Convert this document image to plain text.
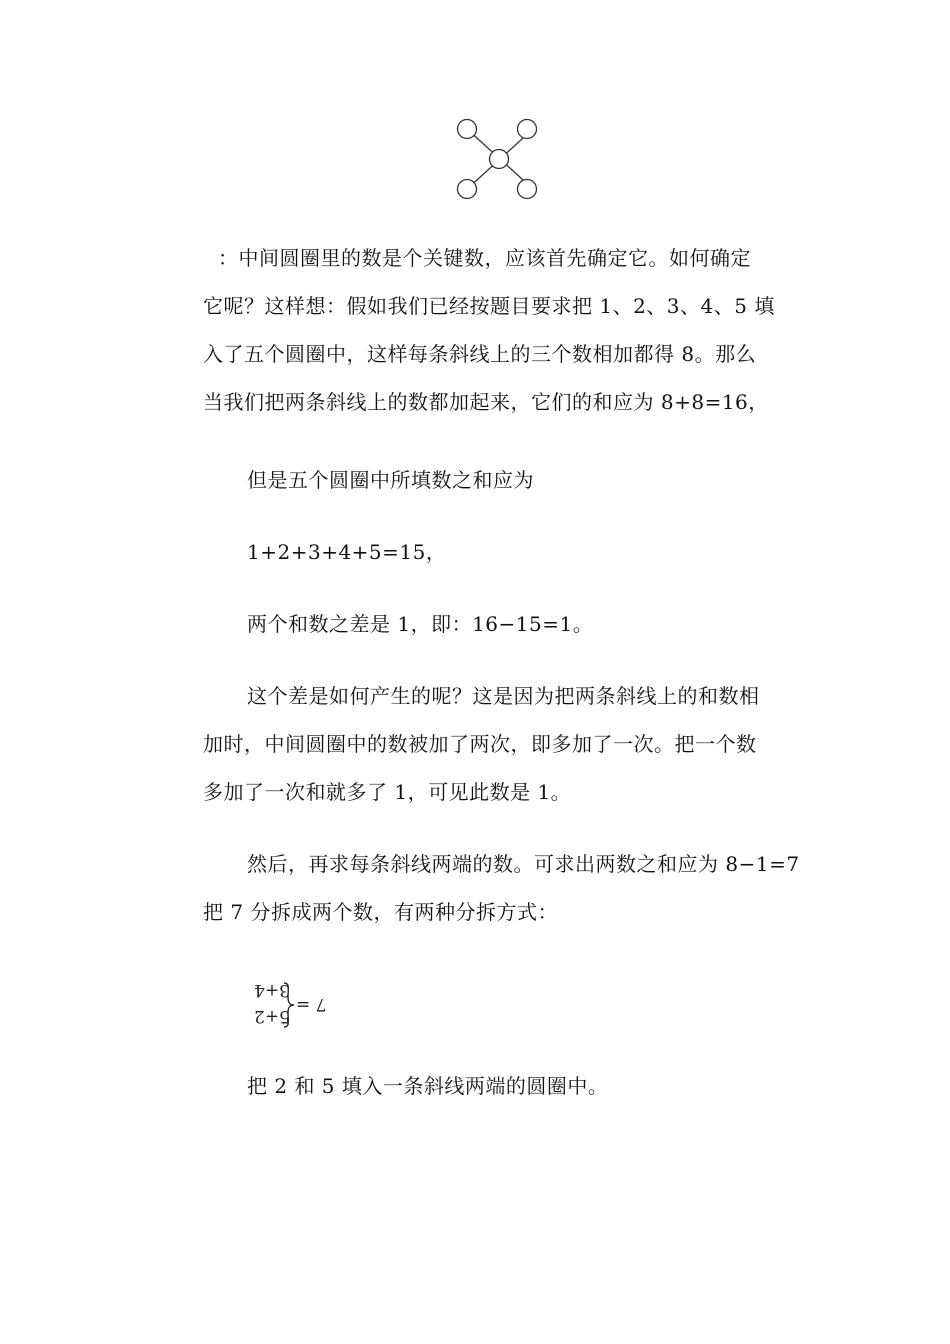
：中间圆圈里的数是个关键数，应该首先确定它。如何确定
它呢？这样想：假如我们已经按题目要求把 1、2、3、4、5 填
入了五个圆圈中，这样每条斜线上的三个数相加都得 8。那么
当我们把两条斜线上的数都加起来，它们的和应为 8+8=16，
但是五个圆圈中所填数之和应为
1+2+3+4+5=15，
两个和数之差是 1，即：16−15=1。
这个差是如何产生的呢？这是因为把两条斜线上的和数相
加时，中间圆圈中的数被加了两次，即多加了一次。把一个数
多加了一次和就多了 1，可见此数是 1。
然后，再求每条斜线两端的数。可求出两数之和应为 8−1=7
把 7 分拆成两个数，有两种分拆方式：
5+2
3+4
7 =
把 2 和 5 填入一条斜线两端的圆圈中。
